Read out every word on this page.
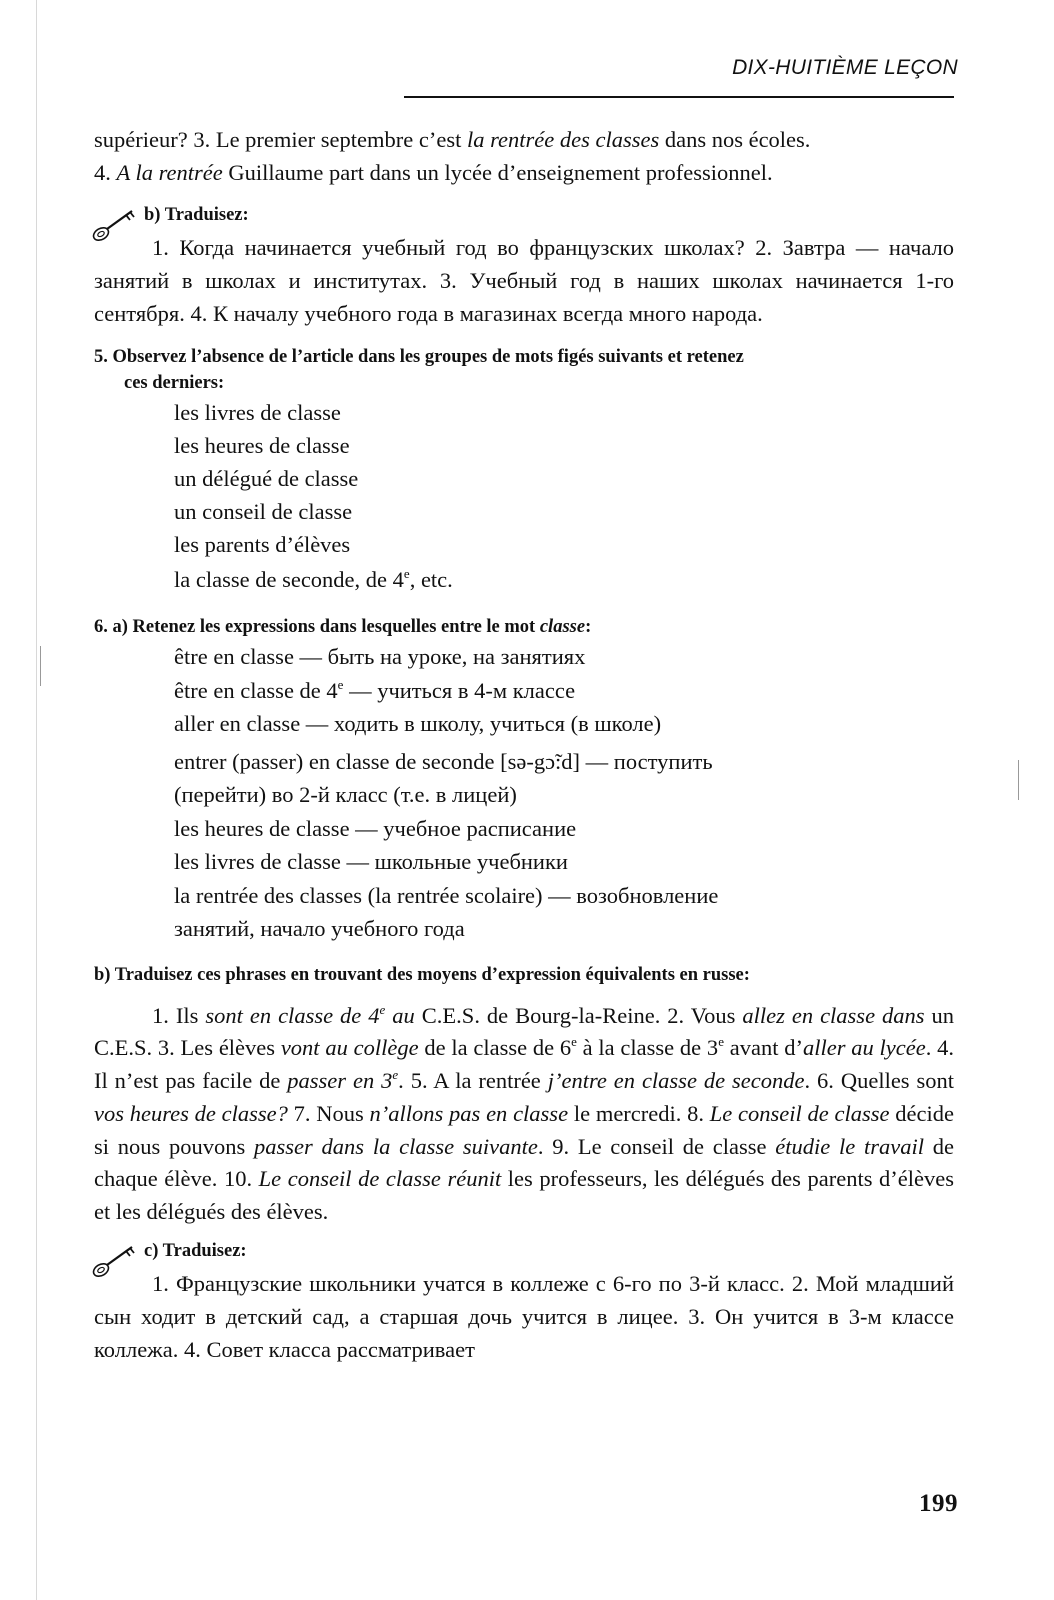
DIX-HUITIÈME LEÇON

supérieur? 3. Le premier septembre c’est la rentrée des classes dans nos écoles.
4. A la rentrée Guillaume part dans un lycée d’enseignement professionnel.

b) Traduisez:

1. Когда начинается учебный год во французских школах? 2. Завтра — начало занятий в школах и институтах. 3. Учебный год в наших школах начинается 1-го сентября. 4. К началу учебного года в магазинах всегда много народа.

5. Observez l’absence de l’article dans les groupes de mots figés suivants et retenez
ces derniers:

les livres de classe

les heures de classe

un délégué de classe

un conseil de classe

les parents d’élèves

la classe de seconde, de 4e, etc.

6. a) Retenez les expressions dans lesquelles entre le mot classe:

être en classe — быть на уроке, на занятиях

être en classe de 4e — учиться в 4-м классе

aller en classe — ходить в школу, учиться (в школе)

entrer (passer) en classe de seconde [sə-gɔ̃:d] — поступить

(перейти) во 2-й класс (т.е. в лицей)

les heures de classe — учебное расписание

les livres de classe — школьные учебники

la rentrée des classes (la rentrée scolaire) — возобновление

занятий, начало учебного года

b) Traduisez ces phrases en trouvant des moyens d’expression équivalents en russe:

1. Ils sont en classe de 4e au C.E.S. de Bourg-la-Reine. 2. Vous allez en classe dans un C.E.S. 3. Les élèves vont au collège de la classe de 6e à la classe de 3e avant d’aller au lycée. 4. Il n’est pas facile de passer en 3e. 5. A la rentrée j’entre en classe de seconde. 6. Quelles sont vos heures de classe? 7. Nous n’allons pas en classe le mercredi. 8. Le conseil de classe décide si nous pouvons passer dans la classe suivante. 9. Le conseil de classe étudie le travail de chaque élève. 10. Le conseil de classe réunit les professeurs, les délégués des parents d’élèves et les délégués des élèves.

c) Traduisez:

1. Французские школьники учатся в коллеже с 6-го по 3-й класс. 2. Мой младший сын ходит в детский сад, а старшая дочь учится в лицее. 3. Он учится в 3-м классе коллежа. 4. Совет класса рассматривает

199
